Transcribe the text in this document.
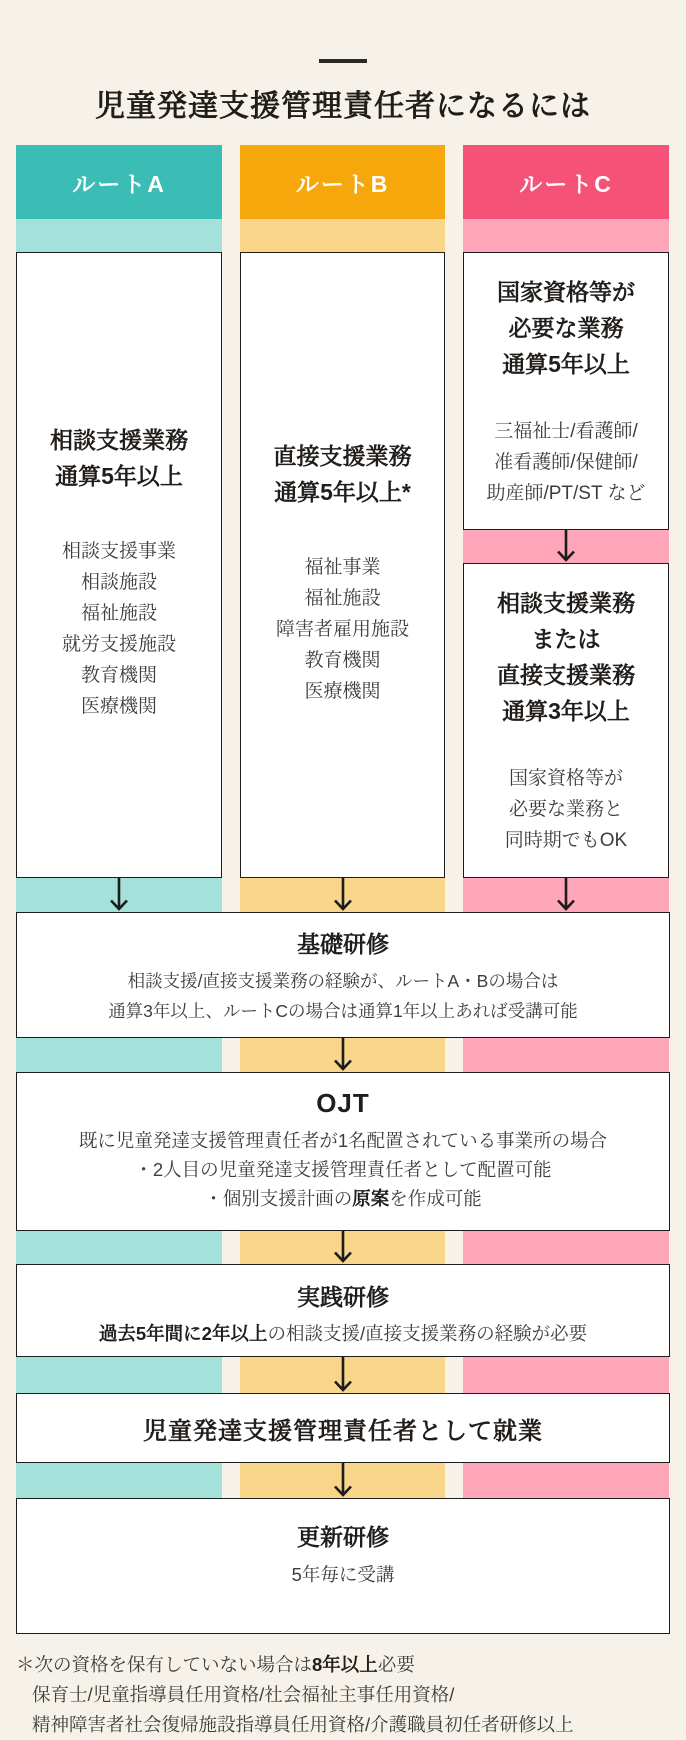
児童発達支援管理責任者になるには
ルートA	ルートB	ルートC
相談支援業務
通算5年以上
相談支援事業
相談施設
福祉施設
就労支援施設
教育機関
医療機関
直接支援業務
通算5年以上*
福祉事業
福祉施設
障害者雇用施設
教育機関
医療機関
国家資格等が
必要な業務
通算5年以上
三福祉士/看護師/
准看護師/保健師/
助産師/PT/ST など
相談支援業務
または
直接支援業務
通算3年以上
国家資格等が
必要な業務と
同時期でもOK
基礎研修
相談支援/直接支援業務の経験が、ルートA・Bの場合は
通算3年以上、ルートCの場合は通算1年以上あれば受講可能
OJT
既に児童発達支援管理責任者が1名配置されている事業所の場合
・2人目の児童発達支援管理責任者として配置可能
・個別支援計画の原案を作成可能
実践研修
過去5年間に2年以上の相談支援/直接支援業務の経験が必要
児童発達支援管理責任者として就業
更新研修
5年毎に受講
＊次の資格を保有していない場合は8年以上必要
保育士/児童指導員任用資格/社会福祉主事任用資格/
精神障害者社会復帰施設指導員任用資格/介護職員初任者研修以上
